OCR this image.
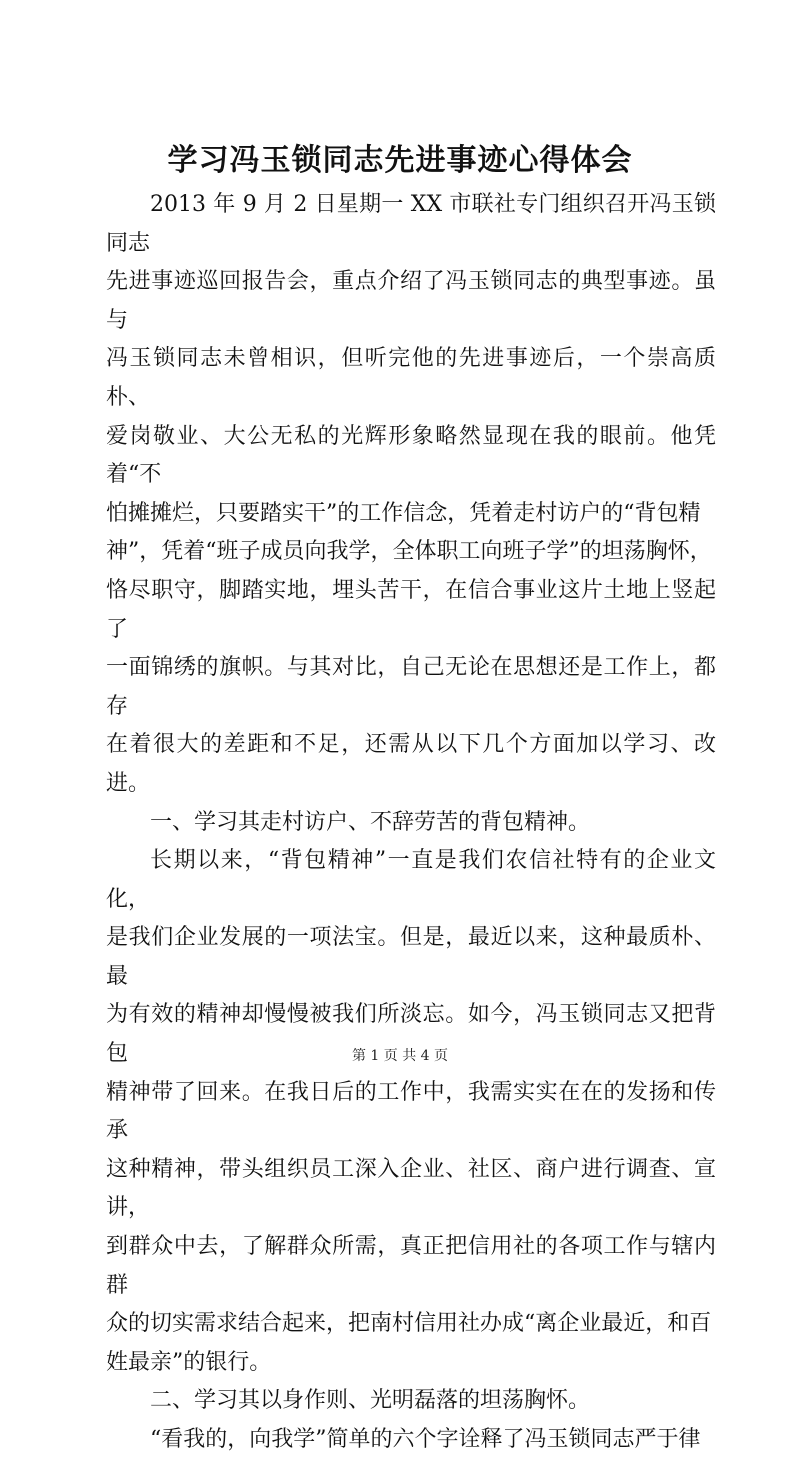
学习冯玉锁同志先进事迹心得体会

2013 年 9 月 2 日星期一 XX 市联社专门组织召开冯玉锁同志
先进事迹巡回报告会，重点介绍了冯玉锁同志的典型事迹。虽与
冯玉锁同志未曾相识，但听完他的先进事迹后，一个崇高质朴、
爱岗敬业、大公无私的光辉形象略然显现在我的眼前。他凭着“不
怕摊摊烂，只要踏实干”的工作信念，凭着走村访户的“背包精
神”，凭着“班子成员向我学，全体职工向班子学”的坦荡胸怀，
恪尽职守，脚踏实地，埋头苦干，在信合事业这片土地上竖起了
一面锦绣的旗帜。与其对比，自己无论在思想还是工作上，都存
在着很大的差距和不足，还需从以下几个方面加以学习、改进。

一、学习其走村访户、不辞劳苦的背包精神。

长期以来，“背包精神”一直是我们农信社特有的企业文化，
是我们企业发展的一项法宝。但是，最近以来，这种最质朴、最
为有效的精神却慢慢被我们所淡忘。如今，冯玉锁同志又把背包
精神带了回来。在我日后的工作中，我需实实在在的发扬和传承
这种精神，带头组织员工深入企业、社区、商户进行调查、宣讲，
到群众中去，了解群众所需，真正把信用社的各项工作与辖内群
众的切实需求结合起来，把南村信用社办成“离企业最近，和百
姓最亲”的银行。

二、学习其以身作则、光明磊落的坦荡胸怀。

“看我的，向我学”简单的六个字诠释了冯玉锁同志严于律

第 1 页 共 4 页
